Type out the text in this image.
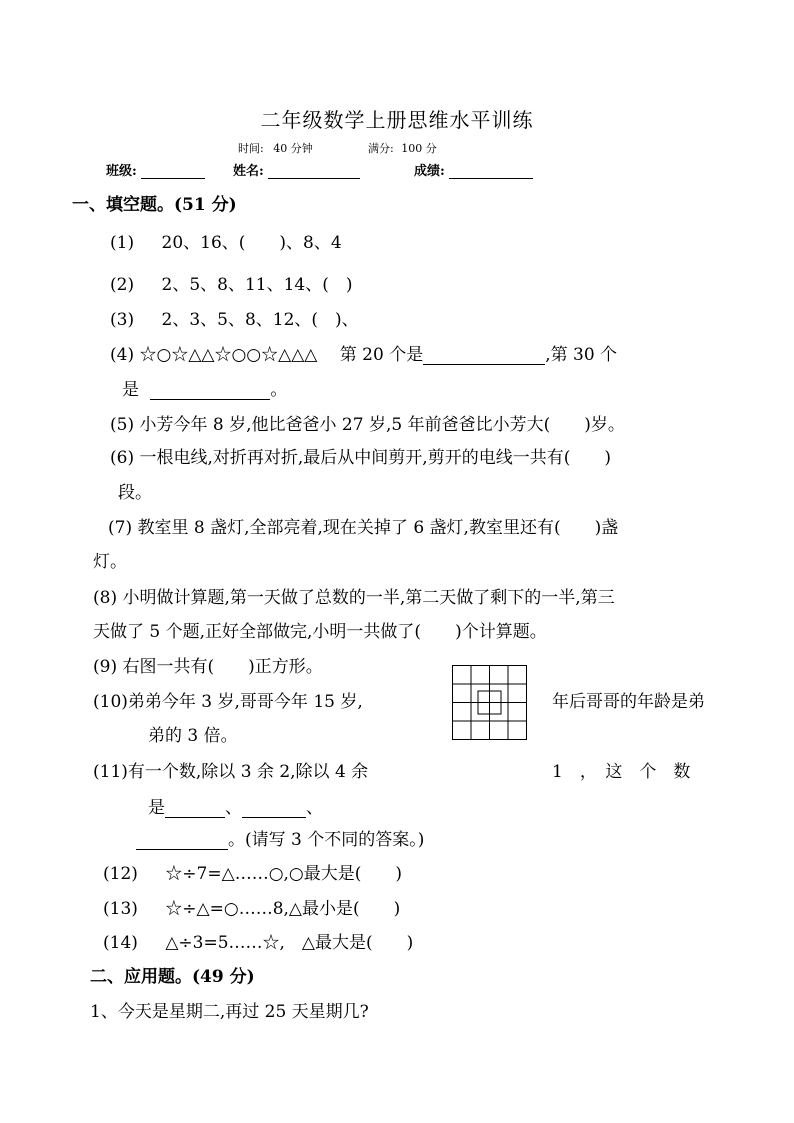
二年级数学上册思维水平训练
时间: 40 分钟	满分: 100 分
班级:	姓名:	成绩:
一、填空题。(51 分)
(1) 20、16、(　　)、8、4
(2) 2、5、8、11、14、(　)
(3) 2、3、5、8、12、(　)、
(4) ☆○☆△△☆○○☆△△△　 第 20 个是	,第 30 个
是	。
(5) 小芳今年 8 岁,他比爸爸小 27 岁,5 年前爸爸比小芳大(　　)岁。
(6) 一根电线,对折再对折,最后从中间剪开,剪开的电线一共有(　　)
段。
(7) 教室里 8 盏灯,全部亮着,现在关掉了 6 盏灯,教室里还有(　　)盏
灯。
(8) 小明做计算题,第一天做了总数的一半,第二天做了剩下的一半,第三
天做了 5 个题,正好全部做完,小明一共做了(　　)个计算题。
(9) 右图一共有(　　)正方形。
(10)弟弟今年 3 岁,哥哥今年 15 岁,	年后哥哥的年龄是弟
弟的 3 倍。
(11)有一个数,除以 3 余 2,除以 4 余	1　，　这　个　数
是	、	、
。(请写 3 个不同的答案。)
(12) ☆÷7=△……○,○最大是(　　)
(13) ☆÷△=○……8,△最小是(　　)
(14) △÷3=5……☆,　△最大是(　　)
二、应用题。(49 分)
1、今天是星期二,再过 25 天星期几?
